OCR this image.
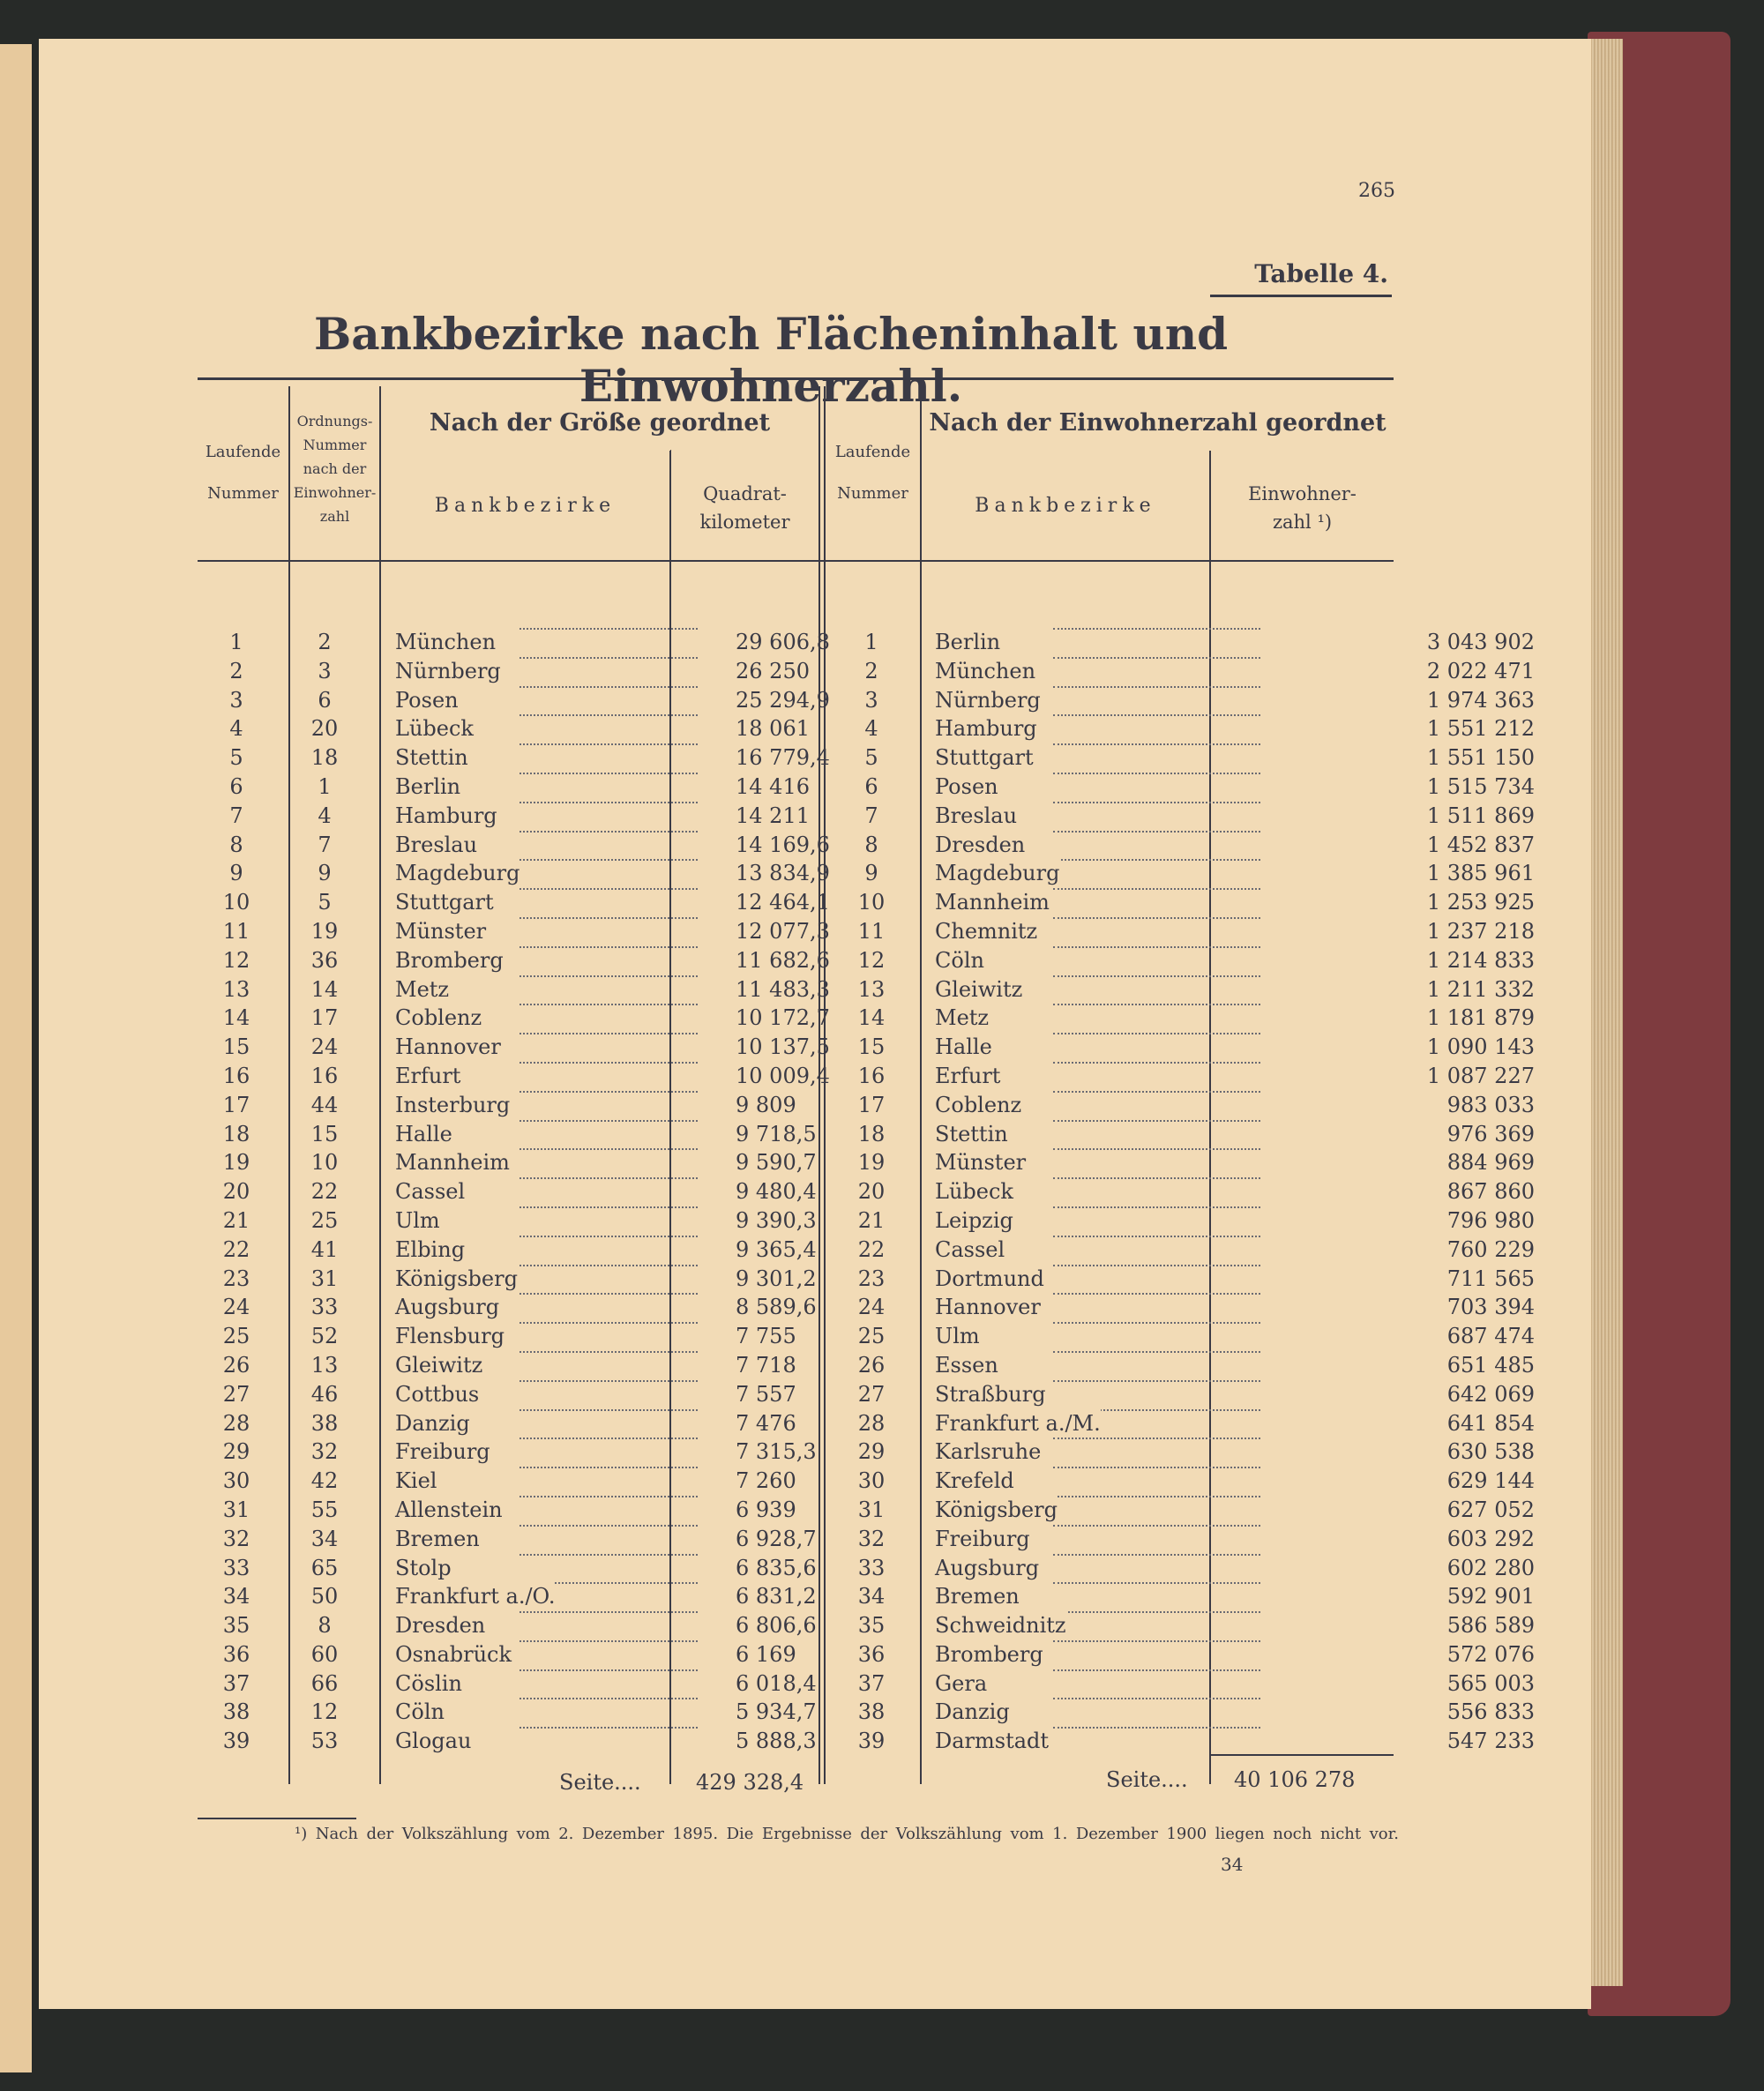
265
Tabelle 4.
Bankbezirke nach Flächeninhalt und Einwohnerzahl.
Laufende
Nummer
Ordnungs-
Nummer
nach der
Einwohner-
zahl
Nach der Größe geordnet
Bankbezirke
Quadrat-
kilometer
Laufende
Nummer
Nach der Einwohnerzahl geordnet
Bankbezirke
Einwohner-
zahl ¹)
1	2	München	29 606,8	1	Berlin	3 043 902
2	3	Nürnberg	26 250	2	München	2 022 471
3	6	Posen	25 294,9	3	Nürnberg	1 974 363
4	20	Lübeck	18 061	4	Hamburg	1 551 212
5	18	Stettin	16 779,4	5	Stuttgart	1 551 150
6	1	Berlin	14 416	6	Posen	1 515 734
7	4	Hamburg	14 211	7	Breslau	1 511 869
8	7	Breslau	14 169,6	8	Dresden	1 452 837
9	9	Magdeburg	13 834,9	9	Magdeburg	1 385 961
10	5	Stuttgart	12 464,1	10	Mannheim	1 253 925
11	19	Münster	12 077,3	11	Chemnitz	1 237 218
12	36	Bromberg	11 682,6	12	Cöln	1 214 833
13	14	Metz	11 483,3	13	Gleiwitz	1 211 332
14	17	Coblenz	10 172,7	14	Metz	1 181 879
15	24	Hannover	10 137,5	15	Halle	1 090 143
16	16	Erfurt	10 009,4	16	Erfurt	1 087 227
17	44	Insterburg	9 809	17	Coblenz	983 033
18	15	Halle	9 718,5	18	Stettin	976 369
19	10	Mannheim	9 590,7	19	Münster	884 969
20	22	Cassel	9 480,4	20	Lübeck	867 860
21	25	Ulm	9 390,3	21	Leipzig	796 980
22	41	Elbing	9 365,4	22	Cassel	760 229
23	31	Königsberg	9 301,2	23	Dortmund	711 565
24	33	Augsburg	8 589,6	24	Hannover	703 394
25	52	Flensburg	7 755	25	Ulm	687 474
26	13	Gleiwitz	7 718	26	Essen	651 485
27	46	Cottbus	7 557	27	Straßburg	642 069
28	38	Danzig	7 476	28	Frankfurt a./M.	641 854
29	32	Freiburg	7 315,3	29	Karlsruhe	630 538
30	42	Kiel	7 260	30	Krefeld	629 144
31	55	Allenstein	6 939	31	Königsberg	627 052
32	34	Bremen	6 928,7	32	Freiburg	603 292
33	65	Stolp	6 835,6	33	Augsburg	602 280
34	50	Frankfurt a./O.	6 831,2	34	Bremen	592 901
35	8	Dresden	6 806,6	35	Schweidnitz	586 589
36	60	Osnabrück	6 169	36	Bromberg	572 076
37	66	Cöslin	6 018,4	37	Gera	565 003
38	12	Cöln	5 934,7	38	Danzig	556 833
39	53	Glogau	5 888,3	39	Darmstadt	547 233
Seite....	429 328,4	Seite.... 40 106 278
¹) Nach der Volkszählung vom 2. Dezember 1895. Die Ergebnisse der Volkszählung vom 1. Dezember 1900 liegen noch nicht vor.
34
